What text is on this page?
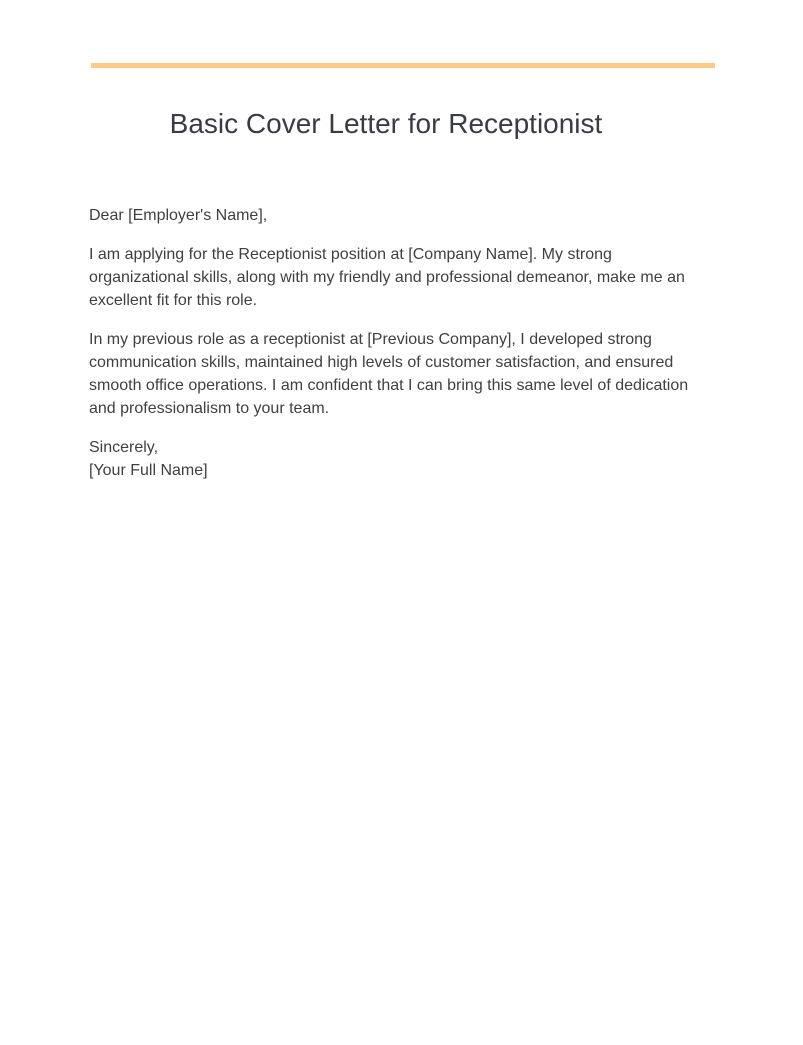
Basic Cover Letter for Receptionist

Dear [Employer's Name],

I am applying for the Receptionist position at [Company Name]. My strong organizational skills, along with my friendly and professional demeanor, make me an excellent fit for this role.

In my previous role as a receptionist at [Previous Company], I developed strong communication skills, maintained high levels of customer satisfaction, and ensured smooth office operations. I am confident that I can bring this same level of dedication and professionalism to your team.

Sincerely,
[Your Full Name]
